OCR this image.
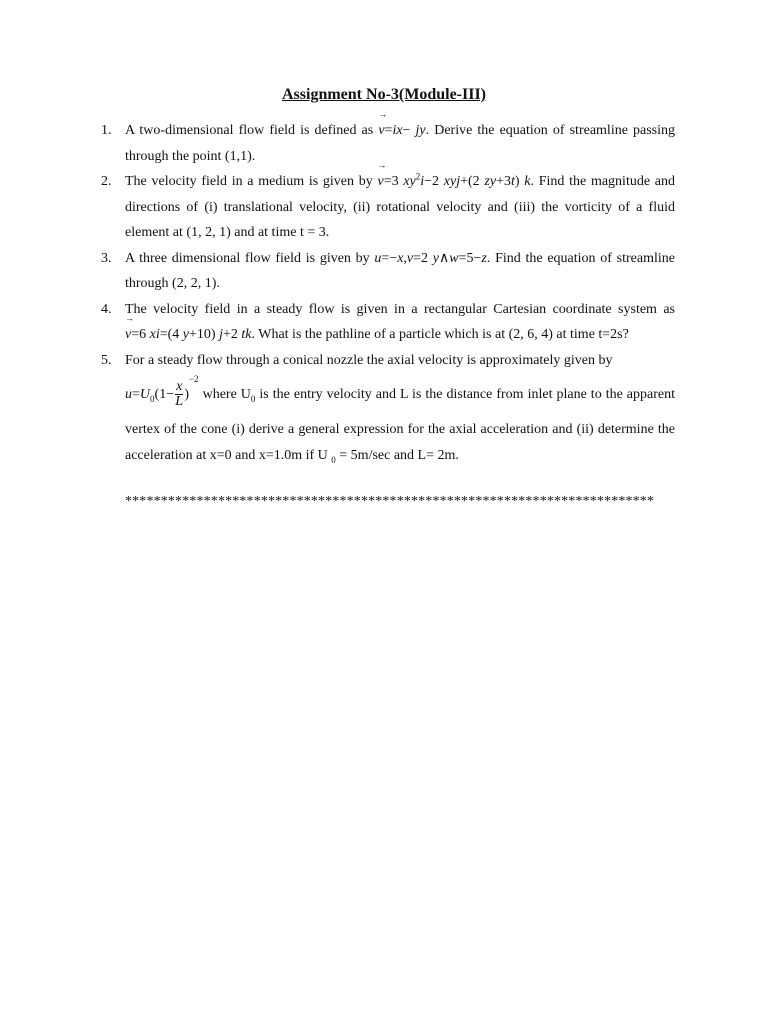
Assignment No-3(Module-III)
1. A two-dimensional flow field is defined as → v=ix− jy. Derive the equation of streamline passing through the point (1,1).
2. The velocity field in a medium is given by → v=3 $xy^2i-2$ xyj+(2 zy+3t) k. Find the magnitude and directions of (i) translational velocity, (ii) rotational velocity and (iii) the vorticity of a fluid element at (1, 2, 1) and at time t = 3.
3. A three dimensional flow field is given by u=−x,v=2 y∧w=5−z. Find the equation of streamline through (2, 2, 1).
4. The velocity field in a steady flow is given in a rectangular Cartesian coordinate system as → v=6 xi=(4 y+10) j+2 tk. What is the pathline of a particle which is at (2, 6, 4) at time t=2s?
5. For a steady flow through a conical nozzle the axial velocity is approximately given by
$u=U_0(1- \frac{x}{L} )^{-2}$ where $U_0$ is the entry velocity and L is the distance from inlet plane to the apparent vertex of the cone (i) derive a general expression for the axial acceleration and (ii) determine the acceleration at x=0 and x=1.0m if U $_0$ = 5m/sec and L= 2m.
**************************************************************************
